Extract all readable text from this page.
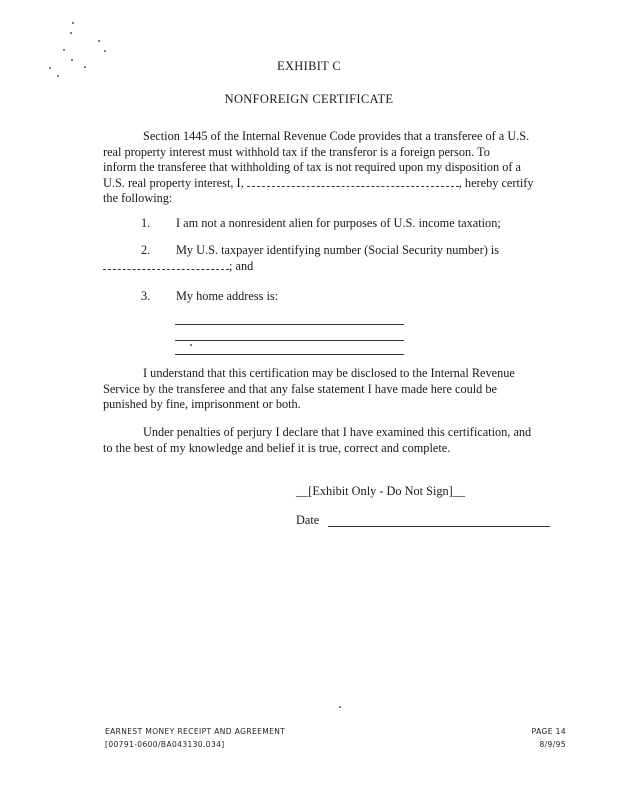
EXHIBIT C
NONFOREIGN CERTIFICATE
Section 1445 of the Internal Revenue Code provides that a transferee of a U.S.
real property interest must withhold tax if the transferor is a foreign person. To
inform the transferee that withholding of tax is not required upon my disposition of a
U.S. real property interest, I,	, hereby certify
the following:
1. I am not a nonresident alien for purposes of U.S. income taxation;
2. My U.S. taxpayer identifying number (Social Security number) is
; and
3. My home address is:
I understand that this certification may be disclosed to the Internal Revenue
Service by the transferee and that any false statement I have made here could be
punished by fine, imprisonment or both.
Under penalties of perjury I declare that I have examined this certification, and
to the best of my knowledge and belief it is true, correct and complete.
__[Exhibit Only - Do Not Sign]__
Date
EARNEST MONEY RECEIPT AND AGREEMENT
[00791-0600/BA043130.034]
PAGE 14
8/9/95
